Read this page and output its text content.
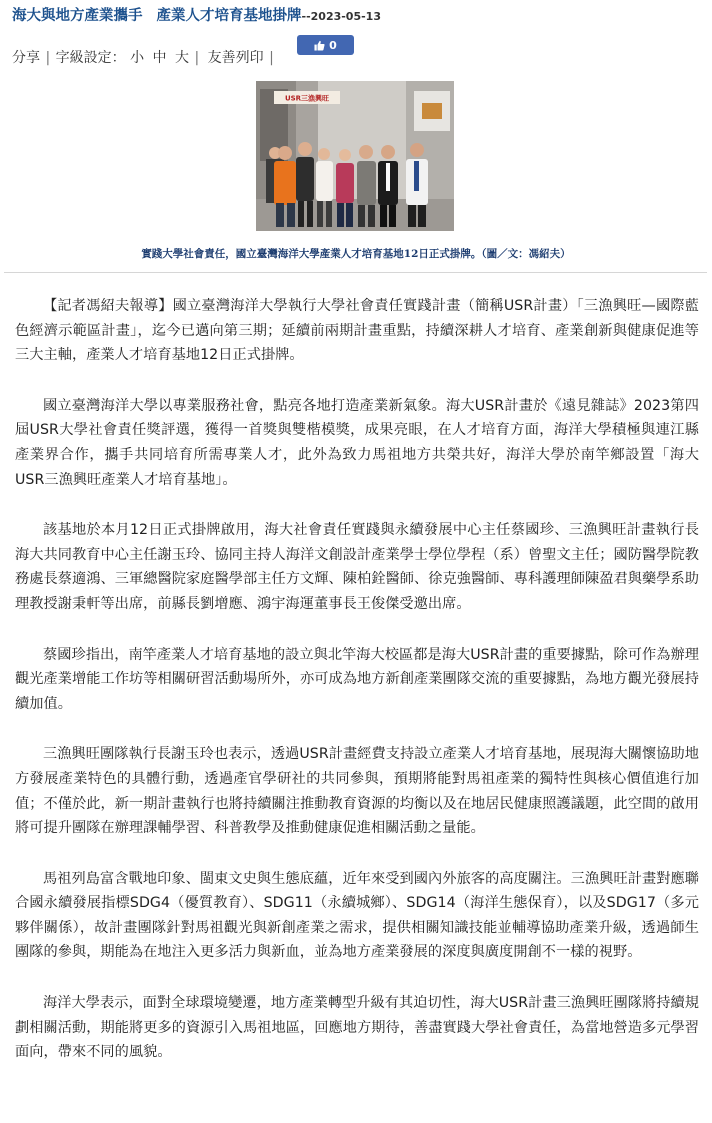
海大與地方產業攜手 產業人才培育基地掛牌--2023-05-13
0
分享 | 字級設定： 小 中 大 | 友善列印 |
USR三漁興旺
實踐大學社會責任，國立臺灣海洋大學產業人才培育基地12日正式掛牌。（圖／文：馮紹夫）

【記者馮紹夫報導】國立臺灣海洋大學執行大學社會責任實踐計畫（簡稱USR計畫）「三漁興旺—國際藍色經濟示範區計畫」，迄今已邁向第三期；延續前兩期計畫重點，持續深耕人才培育、產業創新與健康促進等三大主軸，產業人才培育基地12日正式掛牌。

國立臺灣海洋大學以專業服務社會，點亮各地打造產業新氣象。海大USR計畫於《遠見雜誌》2023第四屆USR大學社會責任獎評選，獲得一首獎與雙楷模獎，成果亮眼，在人才培育方面，海洋大學積極與連江縣產業界合作，攜手共同培育所需專業人才，此外為致力馬祖地方共榮共好，海洋大學於南竿鄉設置「海大USR三漁興旺產業人才培育基地」。

該基地於本月12日正式掛牌啟用，海大社會責任實踐與永續發展中心主任蔡國珍、三漁興旺計畫執行長海大共同教育中心主任謝玉玲、協同主持人海洋文創設計產業學士學位學程（系）曾聖文主任；國防醫學院教務處長蔡適鴻、三軍總醫院家庭醫學部主任方文輝、陳柏銓醫師、徐克強醫師、專科護理師陳盈君與藥學系助理教授謝秉軒等出席，前縣長劉增應、鴻宇海運董事長王俊傑受邀出席。

蔡國珍指出，南竿產業人才培育基地的設立與北竿海大校區都是海大USR計畫的重要據點，除可作為辦理觀光產業增能工作坊等相關研習活動場所外，亦可成為地方新創產業團隊交流的重要據點，為地方觀光發展持續加值。

三漁興旺團隊執行長謝玉玲也表示，透過USR計畫經費支持設立產業人才培育基地，展現海大關懷協助地方發展產業特色的具體行動，透過產官學研社的共同參與，預期將能對馬祖產業的獨特性與核心價值進行加值；不僅於此，新一期計畫執行也將持續關注推動教育資源的均衡以及在地居民健康照護議題，此空間的啟用將可提升團隊在辦理課輔學習、科普教學及推動健康促進相關活動之量能。

馬祖列島富含戰地印象、閩東文史與生態底蘊，近年來受到國內外旅客的高度關注。三漁興旺計畫對應聯合國永續發展指標SDG4（優質教育）、SDG11（永續城鄉）、SDG14（海洋生態保育），以及SDG17（多元夥伴關係），故計畫團隊針對馬祖觀光與新創產業之需求，提供相關知識技能並輔導協助產業升級，透過師生團隊的參與，期能為在地注入更多活力與新血，並為地方產業發展的深度與廣度開創不一樣的視野。

海洋大學表示，面對全球環境變遷，地方產業轉型升級有其迫切性，海大USR計畫三漁興旺團隊將持續規劃相關活動，期能將更多的資源引入馬祖地區，回應地方期待，善盡實踐大學社會責任，為當地營造多元學習面向，帶來不同的風貌。
